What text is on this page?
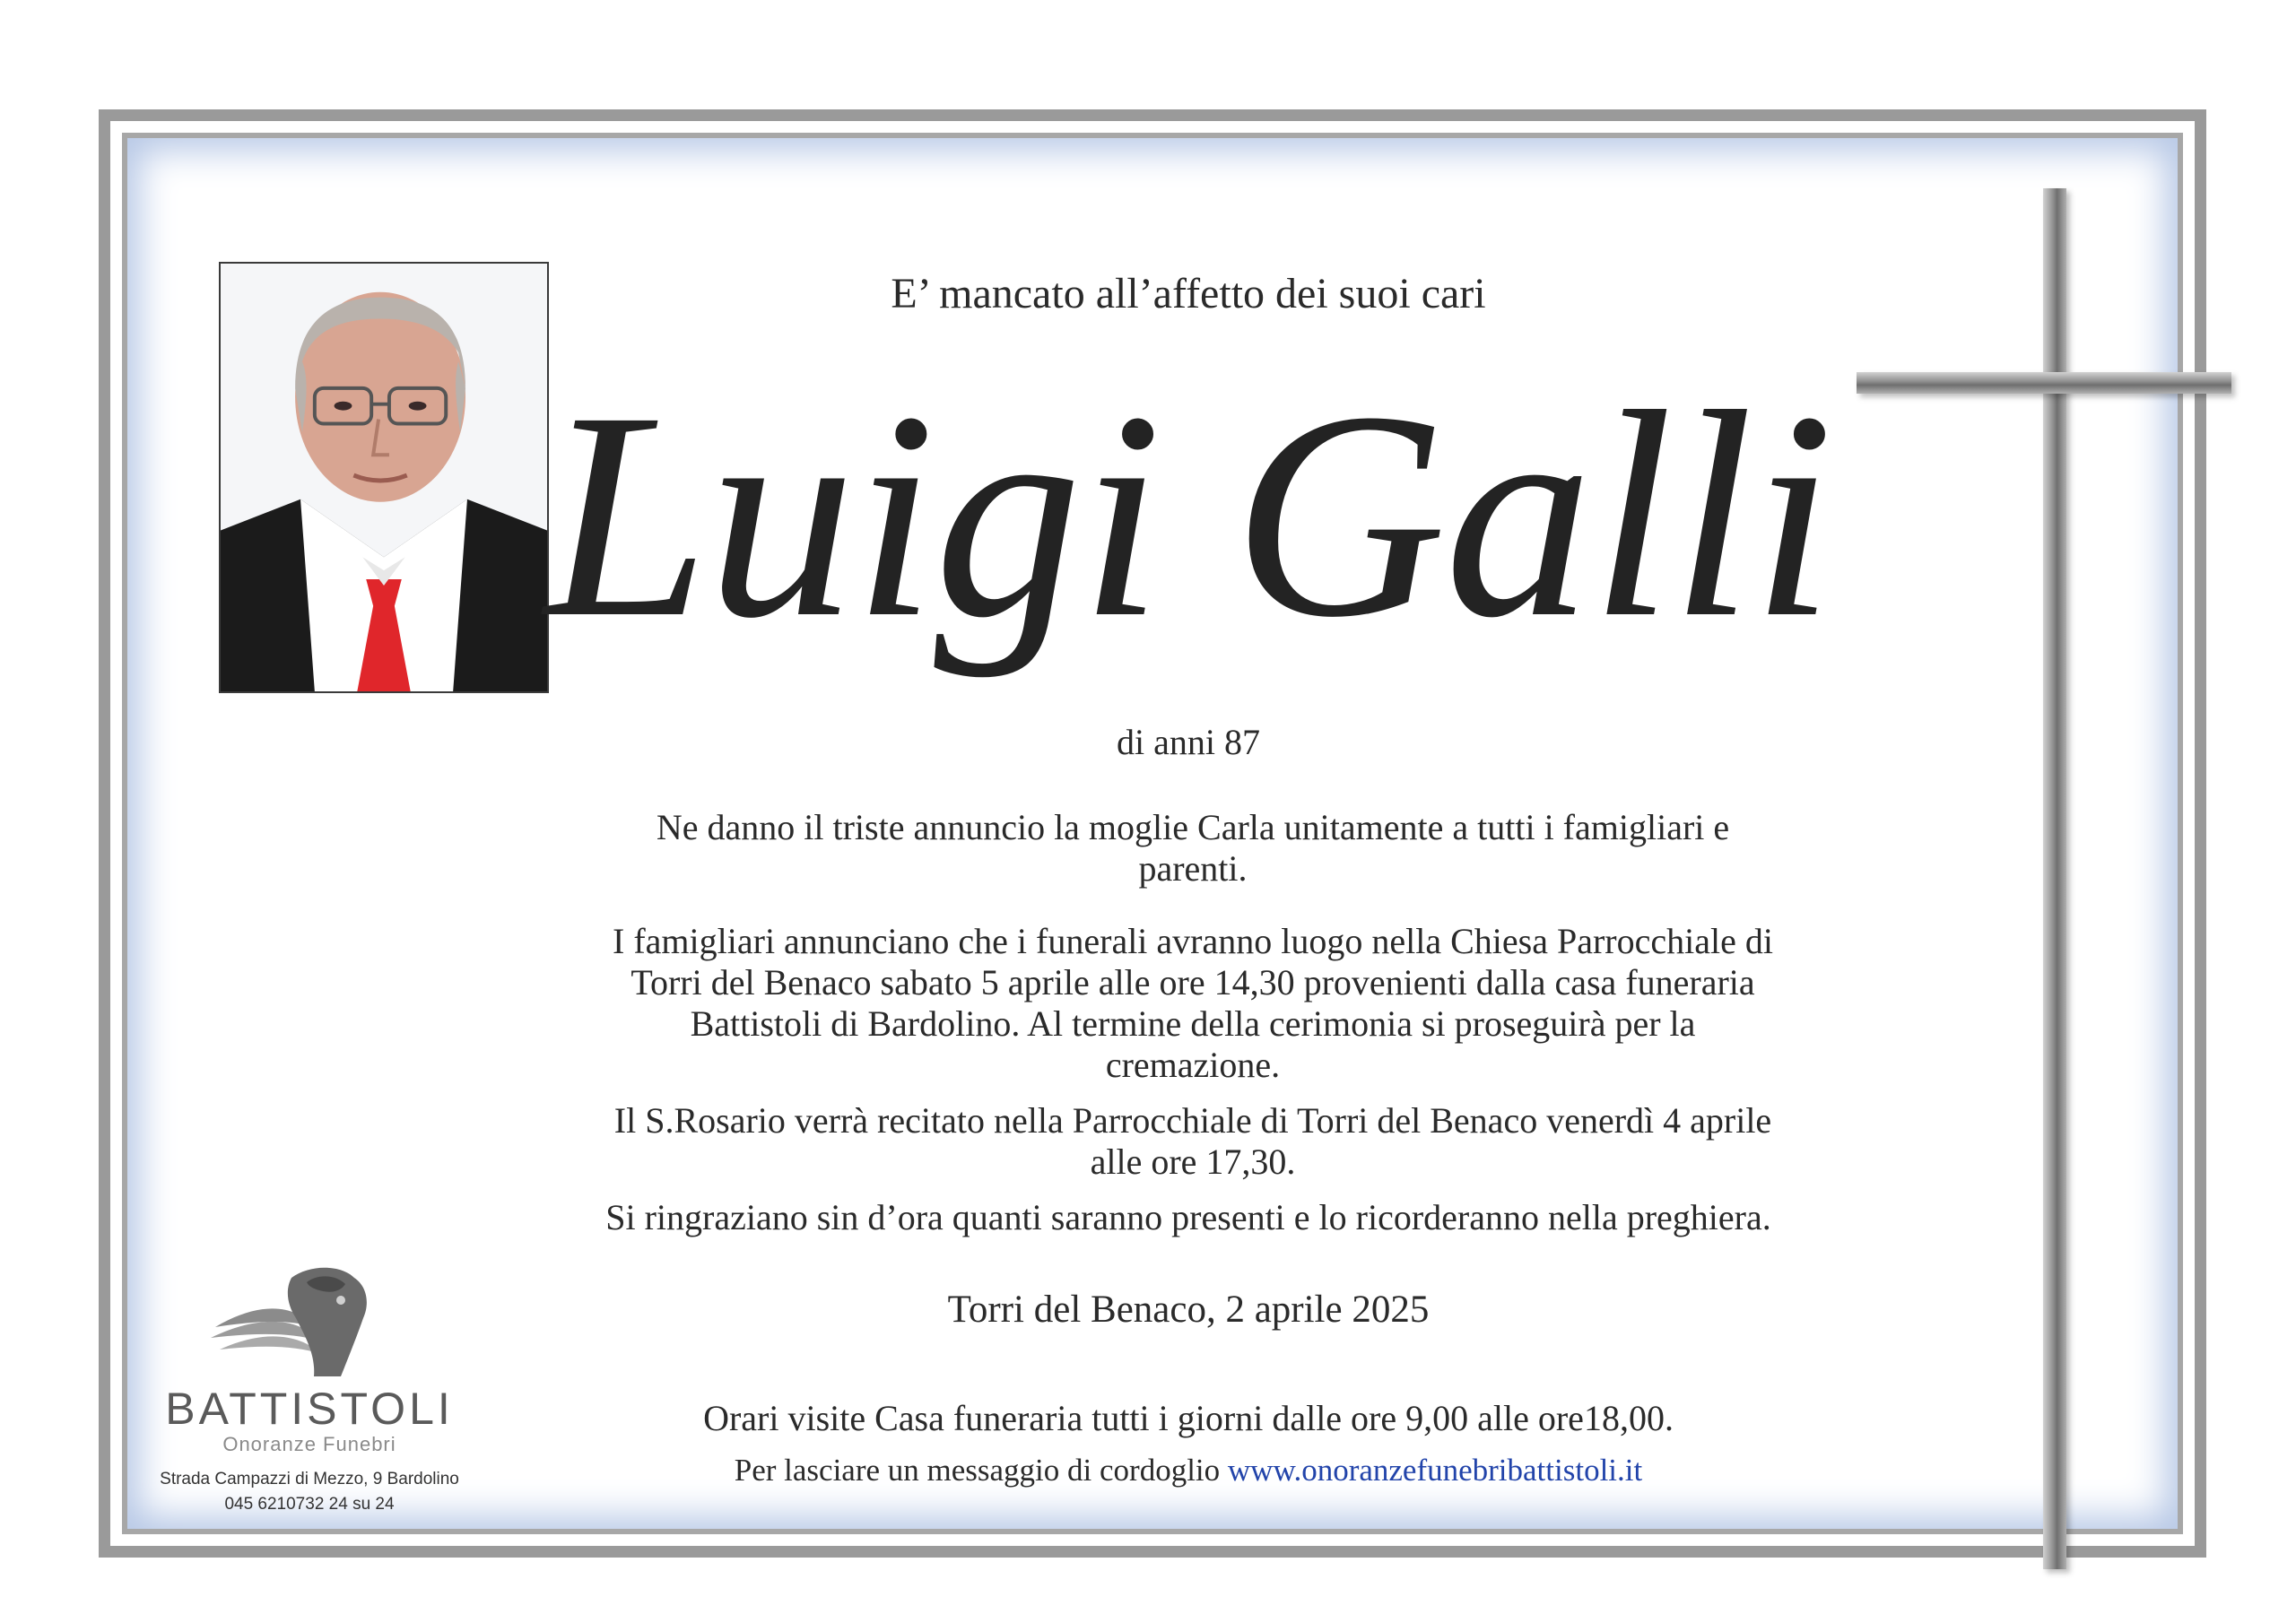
E’ mancato all’affetto dei suoi cari
Luigi Galli
di anni 87
Ne danno il triste annuncio la moglie Carla unitamente a tutti i famigliari e parenti.
I famigliari annunciano che i funerali avranno luogo nella Chiesa Parrocchiale di Torri del Benaco sabato 5 aprile alle ore 14,30 provenienti dalla casa funeraria Battistoli di Bardolino. Al termine della cerimonia si proseguirà per la cremazione.
Il S.Rosario verrà recitato nella Parrocchiale di Torri del Benaco venerdì 4 aprile alle ore 17,30.
Si ringraziano sin d’ora quanti saranno presenti e lo ricorderanno nella preghiera.
Torri del Benaco, 2 aprile 2025
Orari visite Casa funeraria tutti i giorni dalle ore 9,00 alle ore18,00.
Per lasciare un messaggio di cordoglio www.onoranzefunebribattistoli.it
BATTISTOLI
Onoranze Funebri
Strada Campazzi di Mezzo, 9 Bardolino
045 6210732 24 su 24
